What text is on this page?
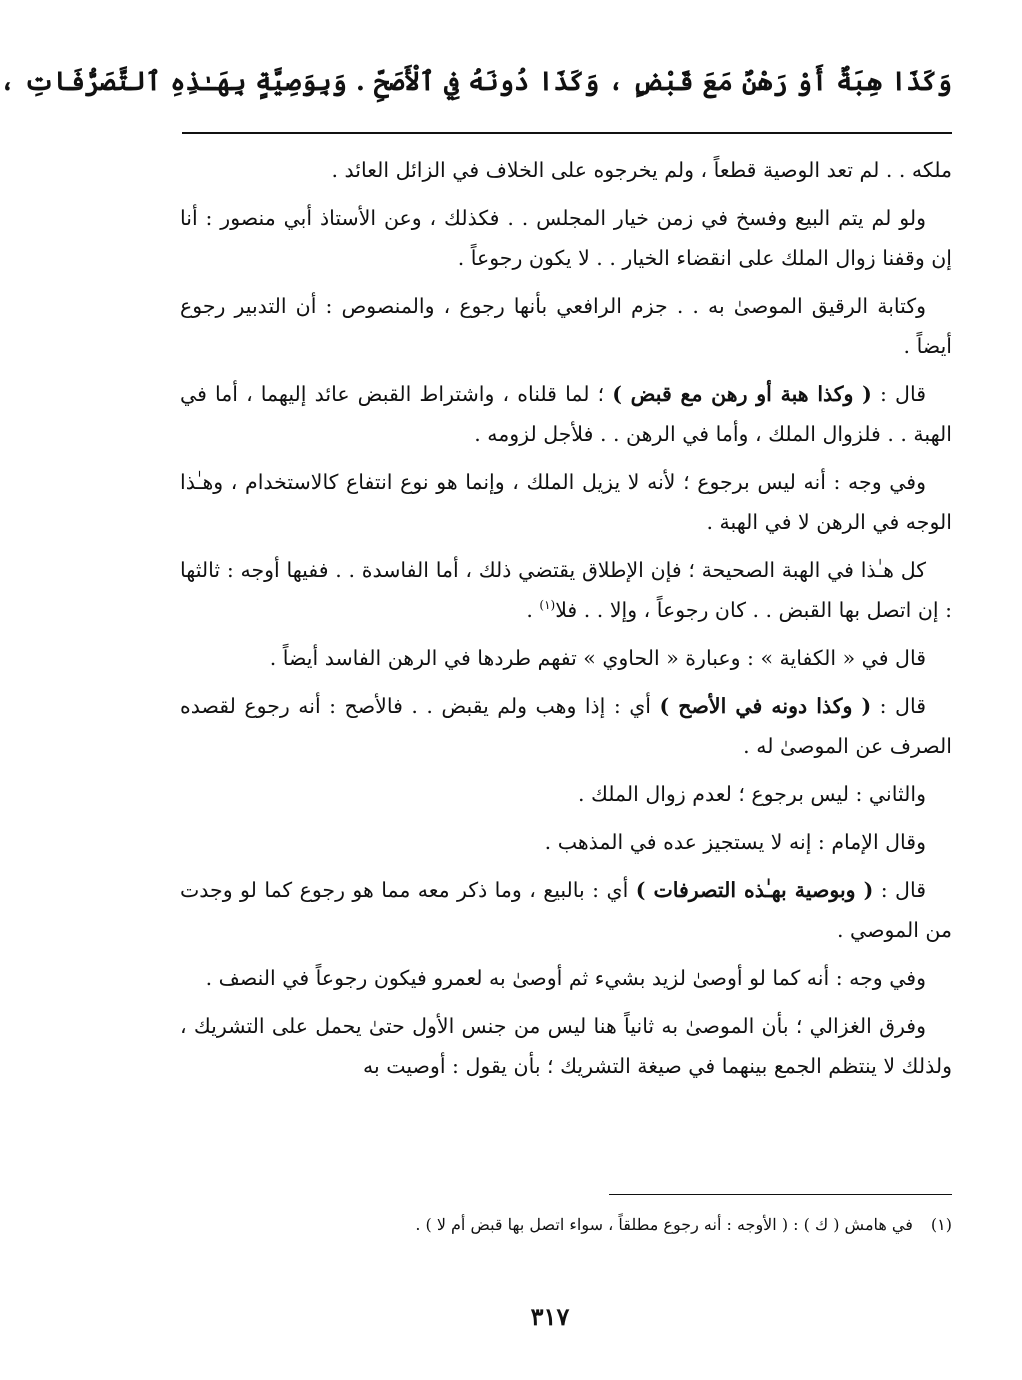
وَكَذَا هِبَةٌ أَوْ رَهْنٌ مَعَ قَبْضٍ ، وَكَذَا دُونَهُ فِي ٱلْأَصَحِّ . وَبِوَصِيَّةٍ بِهَـٰذِهِ ٱلتَّصَرُّفَاتِ ،

ملكه . . لم تعد الوصية قطعاً ، ولم يخرجوه على الخلاف في الزائل العائد .

ولو لم يتم البيع وفسخ في زمن خيار المجلس . . فكذلك ، وعن الأستاذ أبي منصور : أنا إن وقفنا زوال الملك على انقضاء الخيار . . لا يكون رجوعاً .

وكتابة الرقيق الموصىٰ به . . جزم الرافعي بأنها رجوع ، والمنصوص : أن التدبير رجوع أيضاً .

قال : ( وكذا هبة أو رهن مع قبض ) ؛ لما قلناه ، واشتراط القبض عائد إليهما ، أما في الهبة . . فلزوال الملك ، وأما في الرهن . . فلأجل لزومه .

وفي وجه : أنه ليس برجوع ؛ لأنه لا يزيل الملك ، وإنما هو نوع انتفاع كالاستخدام ، وهـٰذا الوجه في الرهن لا في الهبة .

كل هـٰذا في الهبة الصحيحة ؛ فإن الإطلاق يقتضي ذلك ، أما الفاسدة . . ففيها أوجه : ثالثها : إن اتصل بها القبض . . كان رجوعاً ، وإلا . . فلا$^{(١)}$ .

قال في « الكفاية » : وعبارة « الحاوي » تفهم طردها في الرهن الفاسد أيضاً .

قال : ( وكذا دونه في الأصح ) أي : إذا وهب ولم يقبض . . فالأصح : أنه رجوع لقصده الصرف عن الموصىٰ له .

والثاني : ليس برجوع ؛ لعدم زوال الملك .

وقال الإمام : إنه لا يستجيز عده في المذهب .

قال : ( وبوصية بهـٰذه التصرفات ) أي : بالبيع ، وما ذكر معه مما هو رجوع كما لو وجدت من الموصي .

وفي وجه : أنه كما لو أوصىٰ لزيد بشيء ثم أوصىٰ به لعمرو فيكون رجوعاً في النصف .

وفرق الغزالي ؛ بأن الموصىٰ به ثانياً هنا ليس من جنس الأول حتىٰ يحمل على التشريك ، ولذلك لا ينتظم الجمع بينهما في صيغة التشريك ؛ بأن يقول : أوصيت به

(١)في هامش ( ك ) : ( الأوجه : أنه رجوع مطلقاً ، سواء اتصل بها قبض أم لا ) .
٣١٧
